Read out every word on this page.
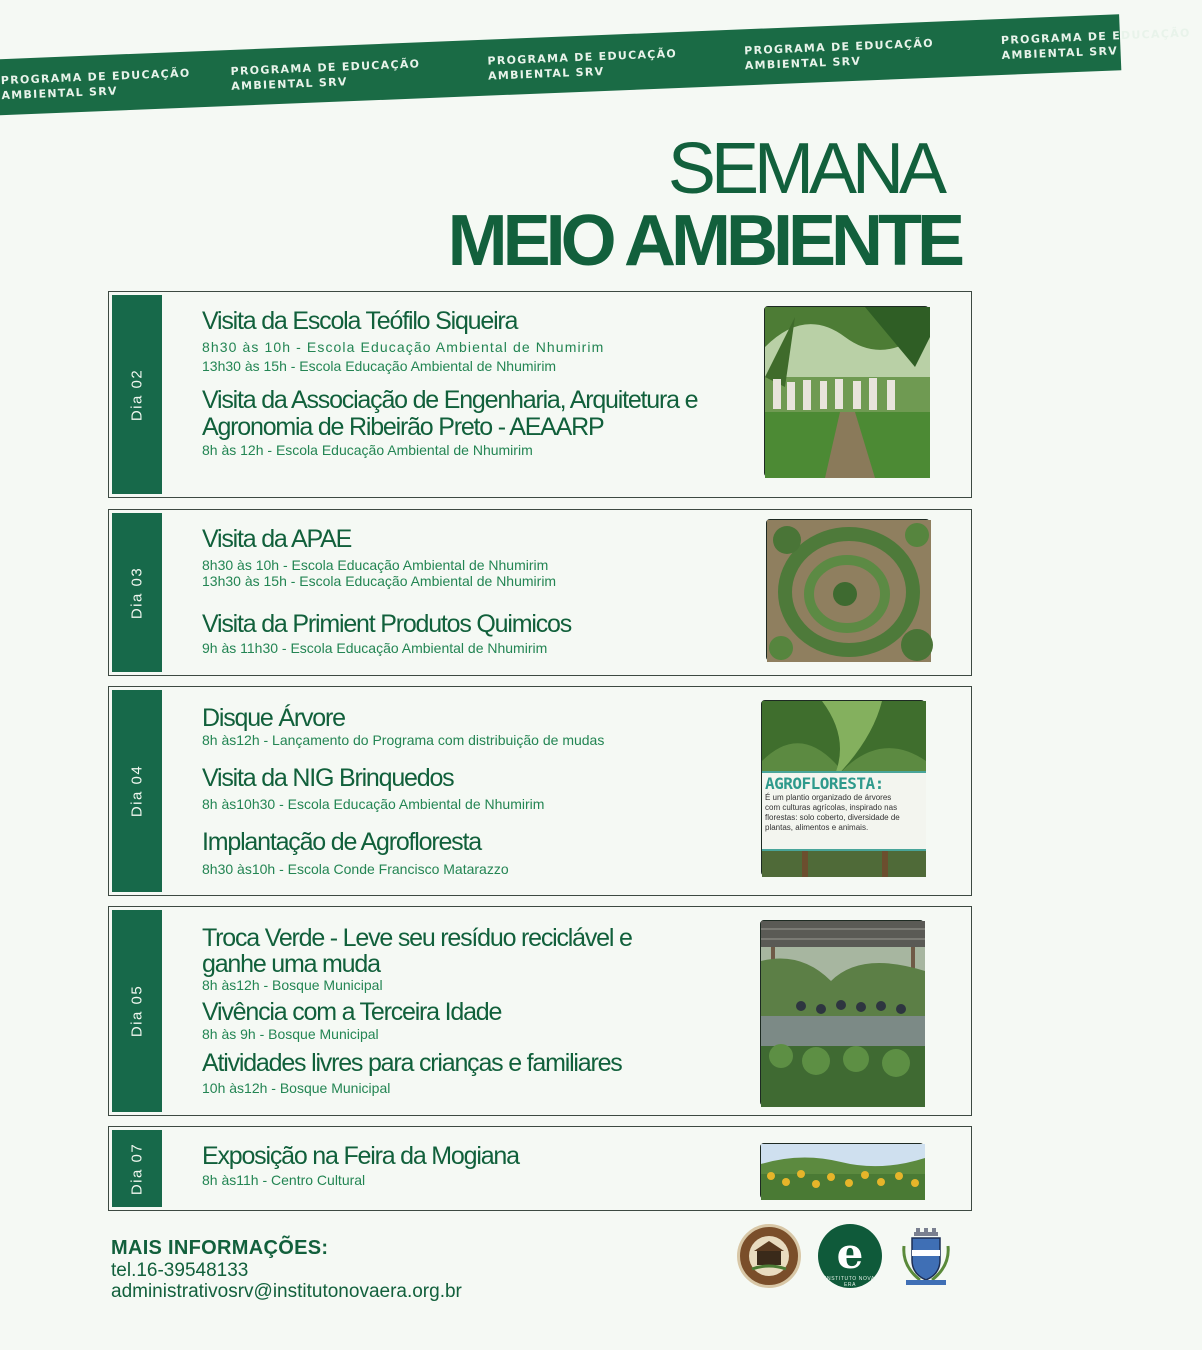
PROGRAMA DE EDUCAÇÃO AMBIENTAL SRV
PROGRAMA DE EDUCAÇÃO AMBIENTAL SRV
PROGRAMA DE EDUCAÇÃO AMBIENTAL SRV
PROGRAMA DE EDUCAÇÃO AMBIENTAL SRV
PROGRAMA DE EDUCAÇÃO AMBIENTAL SRV
SEMANA
MEIO AMBIENTE
Dia 02
Visita da Escola Teófilo Siqueira
8h30 às 10h - Escola Educação Ambiental de Nhumirim
13h30 às 15h - Escola Educação Ambiental de Nhumirim
Visita da Associação de Engenharia, Arquitetura e
Agronomia de Ribeirão Preto - AEAARP
8h às 12h - Escola Educação Ambiental de Nhumirim
Dia 03
Visita da APAE
8h30 às 10h - Escola Educação Ambiental de Nhumirim
13h30 às 15h - Escola Educação Ambiental de Nhumirim
Visita da Primient Produtos Quimicos
9h às 11h30 - Escola Educação Ambiental de Nhumirim
Dia 04
Disque Árvore
8h às12h - Lançamento do Programa com distribuição de mudas
Visita da NIG Brinquedos
8h às10h30 - Escola Educação Ambiental de Nhumirim
Implantação de Agrofloresta
8h30 às10h - Escola Conde Francisco Matarazzo
AGROFLORESTA:
É um plantio organizado de árvores
com culturas agrícolas, inspirado nas
florestas: solo coberto, diversidade de
plantas, alimentos e animais.
Dia 05
Troca Verde - Leve seu resíduo reciclável e
ganhe uma muda
8h às12h - Bosque Municipal
Vivência com a Terceira Idade
8h às 9h - Bosque Municipal
Atividades livres para crianças e familiares
10h às12h - Bosque Municipal
Dia 07 Exposição na Feira da Mogiana
8h às11h - Centro Cultural
MAIS INFORMAÇÕES:
tel.16-39548133
administrativosrv@institutonovaera.org.br
e
INSTITUTO NOVA ERA
